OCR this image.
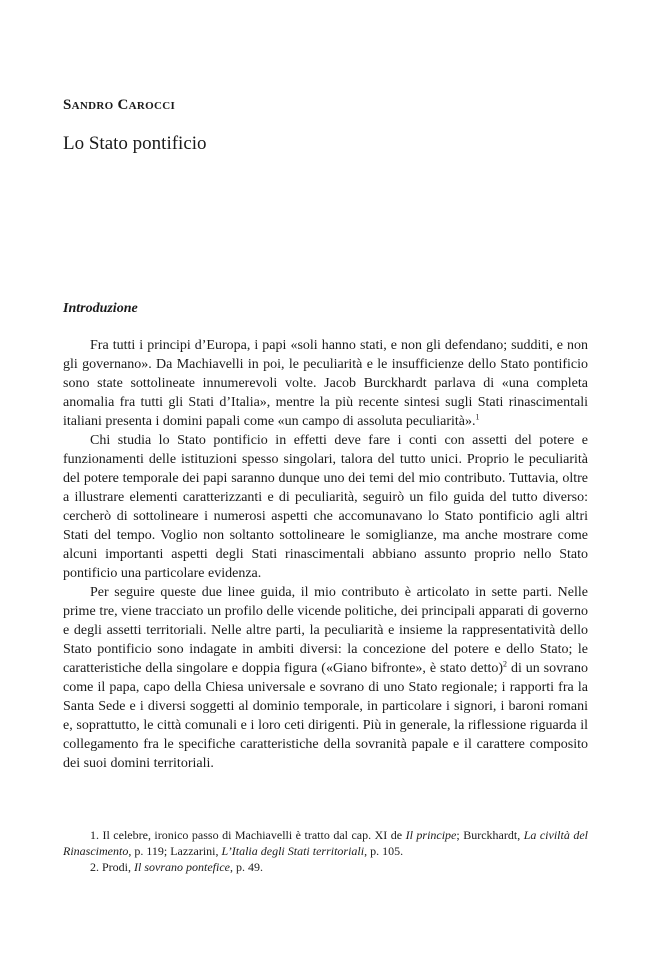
Sandro Carocci
Lo Stato pontificio
Introduzione

Fra tutti i principi d’Europa, i papi «soli hanno stati, e non gli defendano; sudditi, e non gli governano». Da Machiavelli in poi, le peculiarità e le insufficienze dello Stato pontificio sono state sottolineate innumerevoli volte. Jacob Burckhardt parlava di «una completa anomalia fra tutti gli Stati d’Italia», mentre la più recente sintesi sugli Stati rinascimentali italiani presenta i domini papali come «un campo di assoluta peculiarità».$^1$

Chi studia lo Stato pontificio in effetti deve fare i conti con assetti del potere e funzionamenti delle istituzioni spesso singolari, talora del tutto unici. Proprio le peculiarità del potere temporale dei papi saranno dunque uno dei temi del mio contributo. Tuttavia, oltre a illustrare elementi caratterizzanti e di peculiarità, seguirò un filo guida del tutto diverso: cercherò di sottolineare i numerosi aspetti che accomunavano lo Stato pontificio agli altri Stati del tempo. Voglio non soltanto sottolineare le somiglianze, ma anche mostrare come alcuni importanti aspetti degli Stati rinascimentali abbiano assunto proprio nello Stato pontificio una particolare evidenza.

Per seguire queste due linee guida, il mio contributo è articolato in sette parti. Nelle prime tre, viene tracciato un profilo delle vicende politiche, dei principali apparati di governo e degli assetti territoriali. Nelle altre parti, la peculiarità e insieme la rappresentatività dello Stato pontificio sono indagate in ambiti diversi: la concezione del potere e dello Stato; le caratteristiche della singolare e doppia figura («Giano bifronte», è stato detto)$^2$ di un sovrano come il papa, capo della Chiesa universale e sovrano di uno Stato regionale; i rapporti fra la Santa Sede e i diversi soggetti al dominio temporale, in particolare i signori, i baroni romani e, soprattutto, le città comunali e i loro ceti dirigenti. Più in generale, la riflessione riguarda il collegamento fra le specifiche caratteristiche della sovranità papale e il carattere composito dei suoi domini territoriali.

1. Il celebre, ironico passo di Machiavelli è tratto dal cap. XI de Il principe; Burckhardt, La civiltà del Rinascimento, p. 119; Lazzarini, L’Italia degli Stati territoriali, p. 105.

2. Prodi, Il sovrano pontefice, p. 49.
